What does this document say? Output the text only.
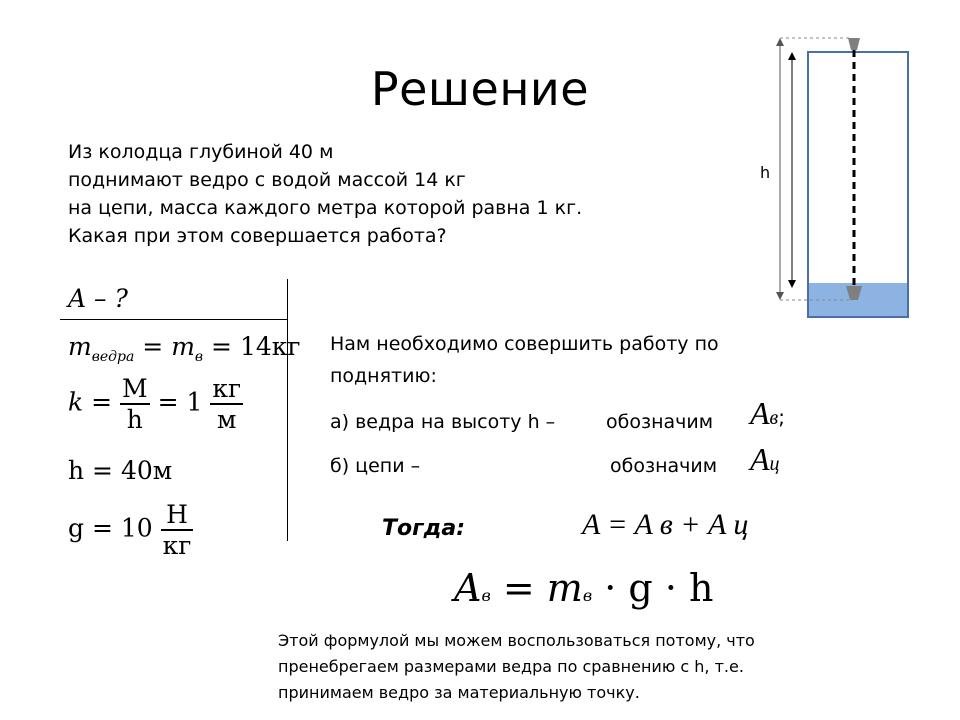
Решение
Из колодца глубиной 40 м
поднимают ведро с водой массой 14 кг
на цепи, масса каждого метра которой равна 1 кг.
Какая при этом совершается работа?
A – ?
$m_{ведра} = m_в = 14кг$
$k = \frac{M}{h} = 1 \frac{кг}{м}$
h = 40м
$g = 10 \frac{H}{кг}$
Нам необходимо совершить работу по
поднятию:
а) ведра на высоту h –	обозначим Aв;
б) цепи –	обозначим Aц
Тогда:	A = A в + A ц
Aв = mв · g · h
Этой формулой мы можем воспользоваться потому, что
пренебрегаем размерами ведра по сравнению с h, т.е.
принимаем ведро за материальную точку.
h
